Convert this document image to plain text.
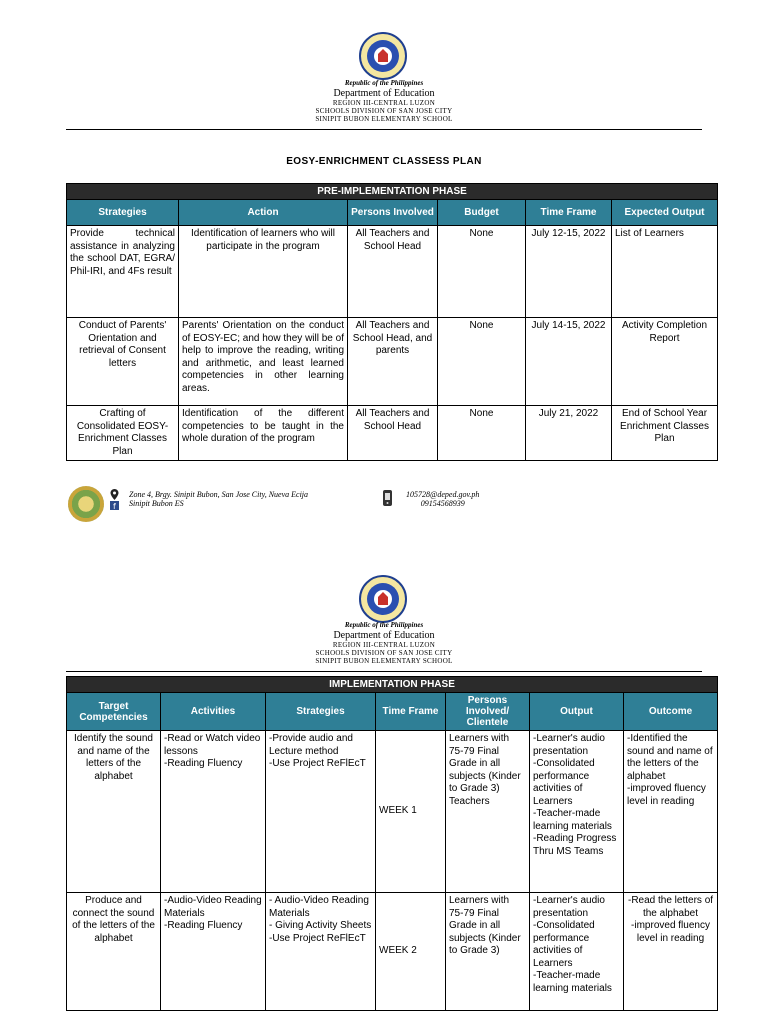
Republic of the Philippines
Department of Education
REGION III-CENTRAL LUZON
SCHOOLS DIVISION OF SAN JOSE CITY
SINIPIT BUBON ELEMENTARY SCHOOL
EOSY-ENRICHMENT CLASSESS PLAN
PRE-IMPLEMENTATION PHASE					
Strategies	Action	Persons Involved	Budget	Time Frame	Expected Output
Provide technical assistance in analyzing the school DAT, EGRA/ Phil-IRI, and 4Fs result	Identification of learners who will participate in the program	All Teachers and School Head	None	July 12-15, 2022	List of Learners
Conduct of Parents' Orientation and retrieval of Consent letters	Parents' Orientation on the conduct of EOSY-EC; and how they will be of help to improve the reading, writing and arithmetic, and least learned competencies in other learning areas.	All Teachers and School Head, and parents	None	July 14-15, 2022	Activity Completion Report
Crafting of Consolidated EOSY-Enrichment Classes Plan	Identification of the different competencies to be taught in the whole duration of the program	All Teachers and School Head	None	July 21, 2022	End of School Year Enrichment Classes Plan
f
Zone 4, Brgy. Sinipit Bubon, San Jose City, Nueva Ecija
Sinipit Bubon ES
105728@deped.gov.ph
09154568939
Republic of the Philippines
Department of Education
REGION III-CENTRAL LUZON
SCHOOLS DIVISION OF SAN JOSE CITY
SINIPIT BUBON ELEMENTARY SCHOOL
IMPLEMENTATION PHASE						
Target Competencies	Activities	Strategies	Time Frame	Persons Involved/ Clientele	Output	Outcome
Identify the sound and name of the letters of the alphabet	-Read or Watch video lessons
-Reading Fluency	-Provide audio and Lecture method
-Use Project ReFlEcT	WEEK 1	Learners with 75-79 Final Grade in all subjects (Kinder to Grade 3) Teachers	-Learner's audio presentation
-Consolidated performance activities of Learners
-Teacher-made learning materials
-Reading Progress Thru MS Teams	-Identified the sound and name of the letters of the alphabet
-improved fluency level in reading
Produce and connect the sound of the letters of the alphabet	-Audio-Video Reading Materials
-Reading Fluency	- Audio-Video Reading Materials
- Giving Activity Sheets
-Use Project ReFlEcT	WEEK 2	Learners with 75-79 Final Grade in all subjects (Kinder to Grade 3)	-Learner's audio presentation
-Consolidated performance activities of Learners
-Teacher-made learning materials	-Read the letters of the alphabet
-improved fluency level in reading
